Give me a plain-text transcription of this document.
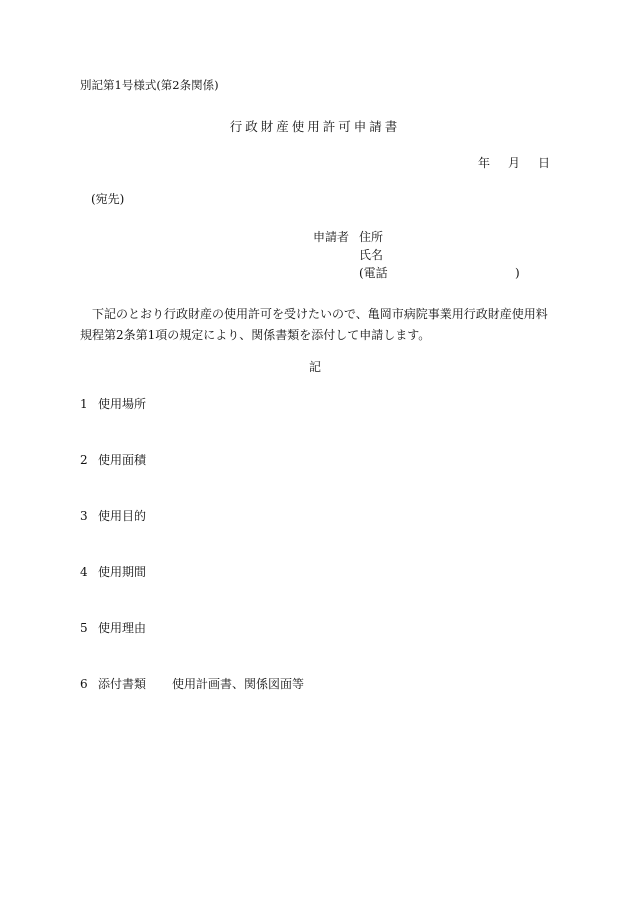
別記第1号様式(第2条関係)
行政財産使用許可申請書
年 月 日
(宛先)
申請者 住所
氏名
(電話	)
下記のとおり行政財産の使用許可を受けたいので、亀岡市病院事業用行政財産使用料規程第2条第1項の規定により、関係書類を添付して申請します。
記
1 使用場所
2 使用面積
3 使用目的
4 使用期間
5 使用理由
6 添付書類 使用計画書、関係図面等
